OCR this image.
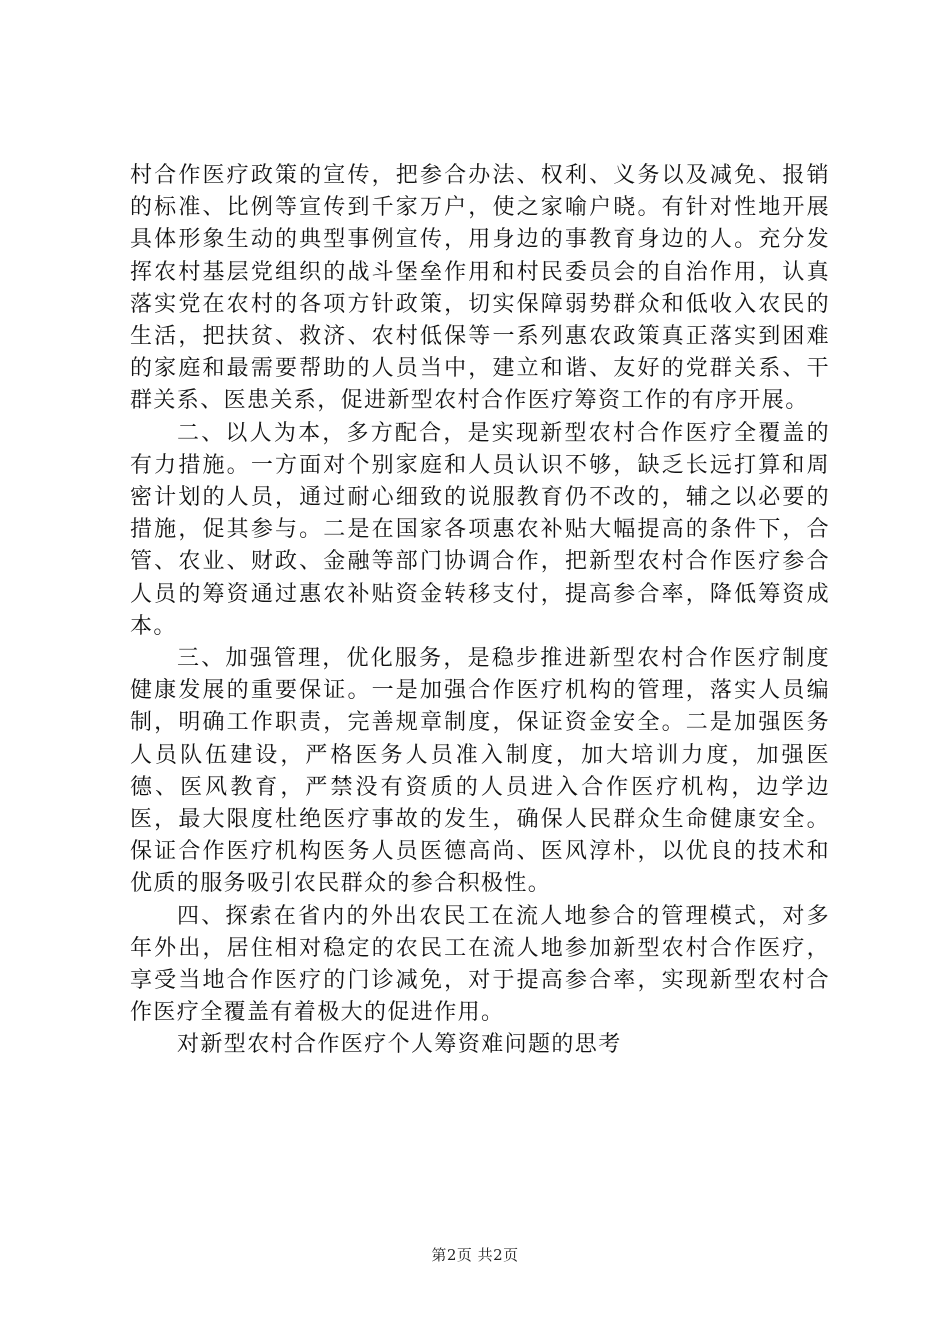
村合作医疗政策的宣传，把参合办法、权利、义务以及减免、报销的标准、比例等宣传到千家万户，使之家喻户晓。有针对性地开展具体形象生动的典型事例宣传，用身边的事教育身边的人。充分发挥农村基层党组织的战斗堡垒作用和村民委员会的自治作用，认真落实党在农村的各项方针政策，切实保障弱势群众和低收入农民的生活，把扶贫、救济、农村低保等一系列惠农政策真正落实到困难的家庭和最需要帮助的人员当中，建立和谐、友好的党群关系、干群关系、医患关系，促进新型农村合作医疗筹资工作的有序开展。

二、以人为本，多方配合，是实现新型农村合作医疗全覆盖的有力措施。一方面对个别家庭和人员认识不够，缺乏长远打算和周密计划的人员，通过耐心细致的说服教育仍不改的，辅之以必要的措施，促其参与。二是在国家各项惠农补贴大幅提高的条件下，合管、农业、财政、金融等部门协调合作，把新型农村合作医疗参合人员的筹资通过惠农补贴资金转移支付，提高参合率，降低筹资成本。

三、加强管理，优化服务，是稳步推进新型农村合作医疗制度健康发展的重要保证。一是加强合作医疗机构的管理，落实人员编制，明确工作职责，完善规章制度，保证资金安全。二是加强医务人员队伍建设，严格医务人员准入制度，加大培训力度，加强医德、医风教育，严禁没有资质的人员进入合作医疗机构，边学边医，最大限度杜绝医疗事故的发生，确保人民群众生命健康安全。保证合作医疗机构医务人员医德高尚、医风淳朴，以优良的技术和优质的服务吸引农民群众的参合积极性。

四、探索在省内的外出农民工在流人地参合的管理模式，对多年外出，居住相对稳定的农民工在流人地参加新型农村合作医疗，享受当地合作医疗的门诊减免，对于提高参合率，实现新型农村合作医疗全覆盖有着极大的促进作用。

对新型农村合作医疗个人筹资难问题的思考

第2页 共2页
